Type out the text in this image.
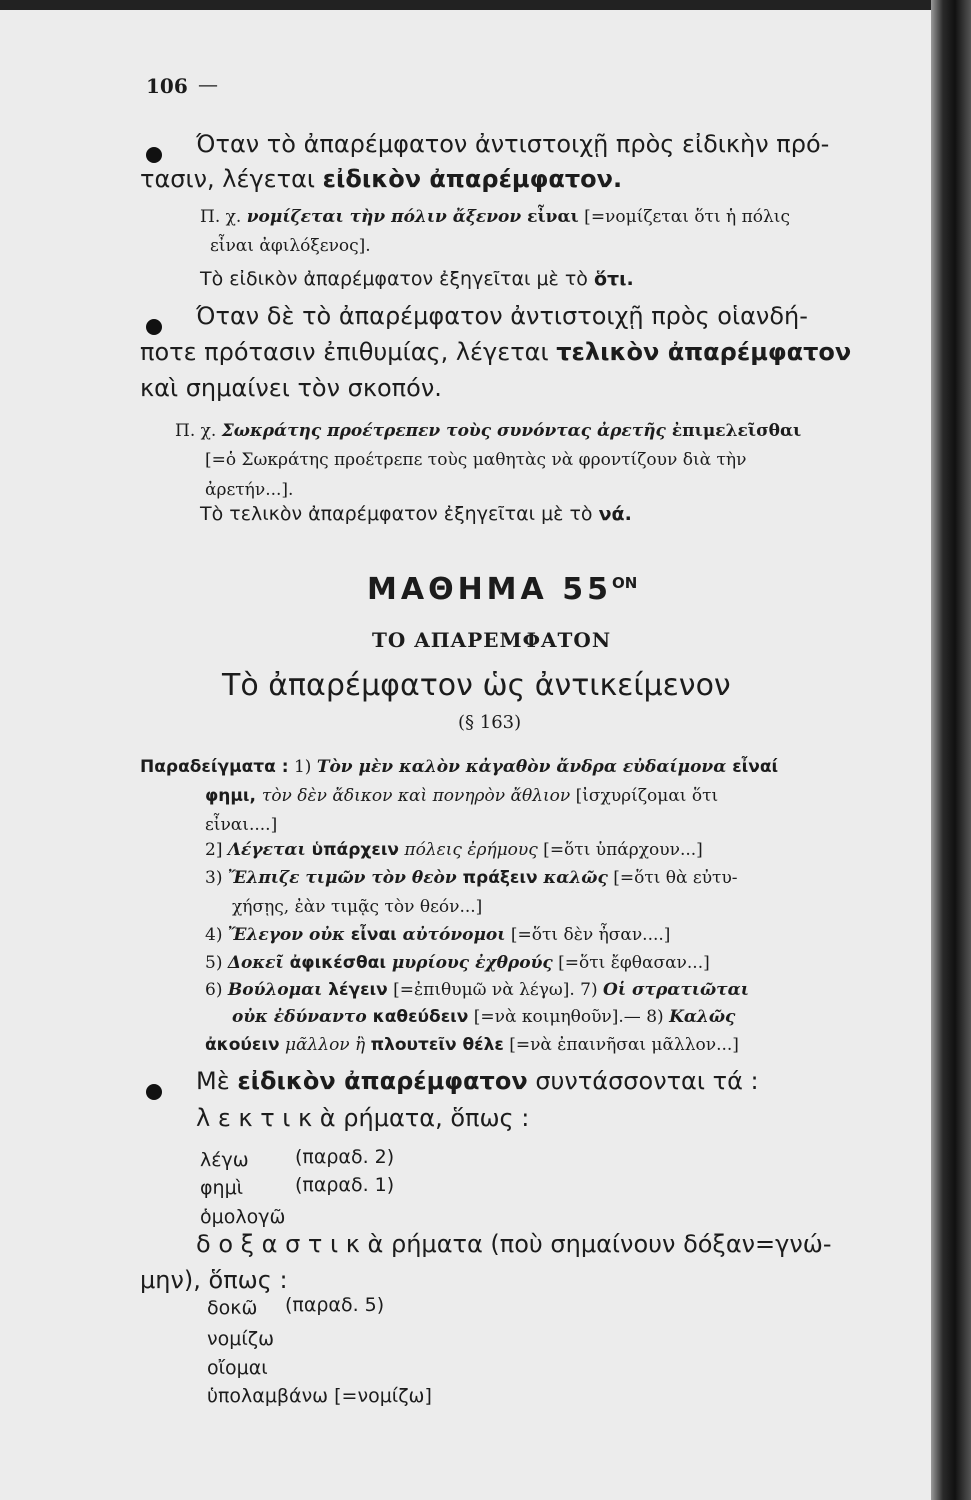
106 —
Όταν τὸ ἀπαρέμφατον ἀντιστοιχῇ πρὸς εἰδικὴν πρό-
τασιν, λέγεται εἰδικὸν ἀπαρέμφατον.
Π. χ. νομίζεται τὴν πόλιν ἄξενον εἶναι [=νομίζεται ὅτι ἡ πόλις
εἶναι ἀφιλόξενος].
Τὸ εἰδικὸν ἀπαρέμφατον ἐξηγεῖται μὲ τὸ ὅτι.
Όταν δὲ τὸ ἀπαρέμφατον ἀντιστοιχῇ πρὸς οἱανδή-
ποτε πρότασιν ἐπιθυμίας, λέγεται τελικὸν ἀπαρέμφατον
καὶ σημαίνει τὸν σκοπόν.
Π. χ. Σωκράτης προέτρεπεν τοὺς συνόντας ἀρετῆς ἐπιμελεῖσθαι
[=ὁ Σωκράτης προέτρεπε τοὺς μαθητὰς νὰ φροντίζουν διὰ τὴν
ἀρετήν...].
Τὸ τελικὸν ἀπαρέμφατον ἐξηγεῖται μὲ τὸ νά.
ΜΑΘΗΜΑ $55^{ON}$
ΤΟ ΑΠΑΡΕΜΦΑΤΟΝ
Τὸ ἀπαρέμφατον ὡς ἀντικείμενον
(§ 163)
Παραδείγματα : 1) Τὸν μὲν καλὸν κἀγαθὸν ἄνδρα εὐδαίμονα εἶναί
φημι, τὸν δὲν ἄδικον καὶ πονηρὸν ἄθλιον [ἰσχυρίζομαι ὅτι
εἶναι....]
2] Λέγεται ὑπάρχειν πόλεις ἐρήμους [=ὅτι ὑπάρχουν...]
3) Ἔλπιζε τιμῶν τὸν θεὸν πράξειν καλῶς [=ὅτι θὰ εὐτυ-
χήσῃς, ἐὰν τιμᾷς τὸν θεόν...]
4) Ἔλεγον οὐκ εἶναι αὐτόνομοι [=ὅτι δὲν ἦσαν....]
5) Δοκεῖ ἀφικέσθαι μυρίους ἐχθρούς [=ὅτι ἔφθασαν...]
6) Βούλομαι λέγειν [=ἐπιθυμῶ νὰ λέγω]. 7) Οἱ στρατιῶται
οὐκ ἐδύναντο καθεύδειν [=νὰ κοιμηθοῦν].— 8) Καλῶς
ἀκούειν μᾶλλον ἢ πλουτεῖν θέλε [=νὰ ἐπαινῆσαι μᾶλλον...]
Μὲ εἰδικὸν ἀπαρέμφατον συντάσσονται τά :
λ ε κ τ ι κ ὰ ρήματα, ὅπως :
λέγω (παραδ. 2)
φημὶ	(παραδ. 1)
ὁμολογῶ
δ ο ξ α σ τ ι κ ὰ ρήματα (ποὺ σημαίνουν δόξαν=γνώ-
μην), ὅπως :
δοκῶ (παραδ. 5)
νομίζω
οἴομαι
ὑπολαμβάνω [=νομίζω]
